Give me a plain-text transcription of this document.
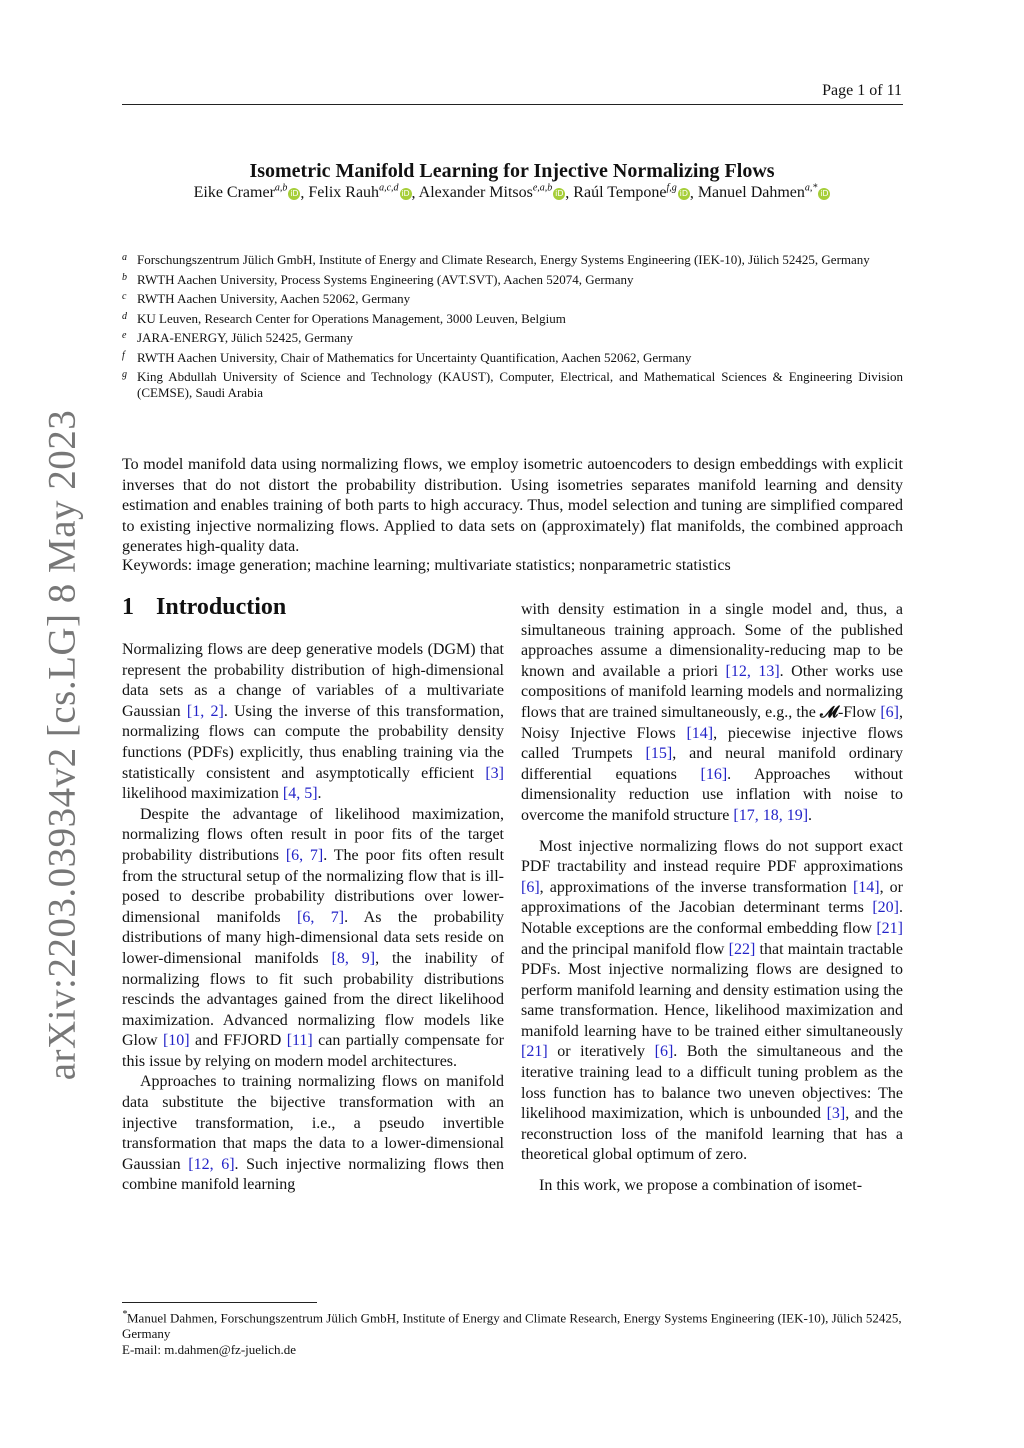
Page 1 of 11
arXiv:2203.03934v2 [cs.LG] 8 May 2023
Isometric Manifold Learning for Injective Normalizing Flows
Eike Cramer$^{a,b}$ iD , Felix Rauh$^{a,c,d}$ iD , Alexander Mitsos$^{e,a,b}$ iD , Raúl Tempone$^{f,g}$ iD , Manuel Dahmen$^{a,*}$ iD
a Forschungszentrum Jülich GmbH, Institute of Energy and Climate Research, Energy Systems Engineering (IEK-10), Jülich 52425, Germany
b RWTH Aachen University, Process Systems Engineering (AVT.SVT), Aachen 52074, Germany
c RWTH Aachen University, Aachen 52062, Germany
d KU Leuven, Research Center for Operations Management, 3000 Leuven, Belgium
e JARA-ENERGY, Jülich 52425, Germany
f RWTH Aachen University, Chair of Mathematics for Uncertainty Quantification, Aachen 52062, Germany
g King Abdullah University of Science and Technology (KAUST), Computer, Electrical, and Mathematical Sciences & Engineering Division (CEMSE), Saudi Arabia
To model manifold data using normalizing flows, we employ isometric autoencoders to design embeddings with explicit inverses that do not distort the probability distribution. Using isometries separates manifold learning and density estimation and enables training of both parts to high accuracy. Thus, model selection and tuning are simplified compared to existing injective normalizing flows. Applied to data sets on (approximately) flat manifolds, the combined approach generates high-quality data.
Keywords: image generation; machine learning; multivariate statistics; nonparametric statistics
1 Introduction

Normalizing flows are deep generative models (DGM) that represent the probability distribution of high-dimensional data sets as a change of variables of a multivariate Gaussian [1, 2]. Using the inverse of this transformation, normalizing flows can compute the probability density functions (PDFs) explicitly, thus enabling training via the statistically consistent and asymptotically efficient [3] likelihood maximization [4, 5].

Despite the advantage of likelihood maximization, normalizing flows often result in poor fits of the target probability distributions [6, 7]. The poor fits often result from the structural setup of the normalizing flow that is ill-posed to describe probability distributions over lower-dimensional manifolds [6, 7]. As the probability distributions of many high-dimensional data sets reside on lower-dimensional manifolds [8, 9], the inability of normalizing flows to fit such probability distributions rescinds the advantages gained from the direct likelihood maximization. Advanced normalizing flow models like Glow [10] and FFJORD [11] can partially compensate for this issue by relying on modern model architectures.

Approaches to training normalizing flows on manifold data substitute the bijective transformation with an injective transformation, i.e., a pseudo invertible transformation that maps the data to a lower-dimensional Gaussian [12, 6]. Such injective normalizing flows then combine manifold learning

with density estimation in a single model and, thus, a simultaneous training approach. Some of the published approaches assume a dimensionality-reducing map to be known and available a priori [12, 13]. Other works use compositions of manifold learning models and normalizing flows that are trained simultaneously, e.g., the 𝓜-Flow [6], Noisy Injective Flows [14], piecewise injective flows called Trumpets [15], and neural manifold ordinary differential equations [16]. Approaches without dimensionality reduction use inflation with noise to overcome the manifold structure [17, 18, 19].

Most injective normalizing flows do not support exact PDF tractability and instead require PDF approximations [6], approximations of the inverse transformation [14], or approximations of the Jacobian determinant terms [20]. Notable exceptions are the conformal embedding flow [21] and the principal manifold flow [22] that maintain tractable PDFs. Most injective normalizing flows are designed to perform manifold learning and density estimation using the same transformation. Hence, likelihood maximization and manifold learning have to be trained either simultaneously [21] or iteratively [6]. Both the simultaneous and the iterative training lead to a difficult tuning problem as the loss function has to balance two uneven objectives: The likelihood maximization, which is unbounded [3], and the reconstruction loss of the manifold learning that has a theoretical global optimum of zero.

In this work, we propose a combination of isomet-

*Manuel Dahmen, Forschungszentrum Jülich GmbH, Institute of Energy and Climate Research, Energy Systems Engineering (IEK-10), Jülich 52425, Germany
E-mail: m.dahmen@fz-juelich.de
